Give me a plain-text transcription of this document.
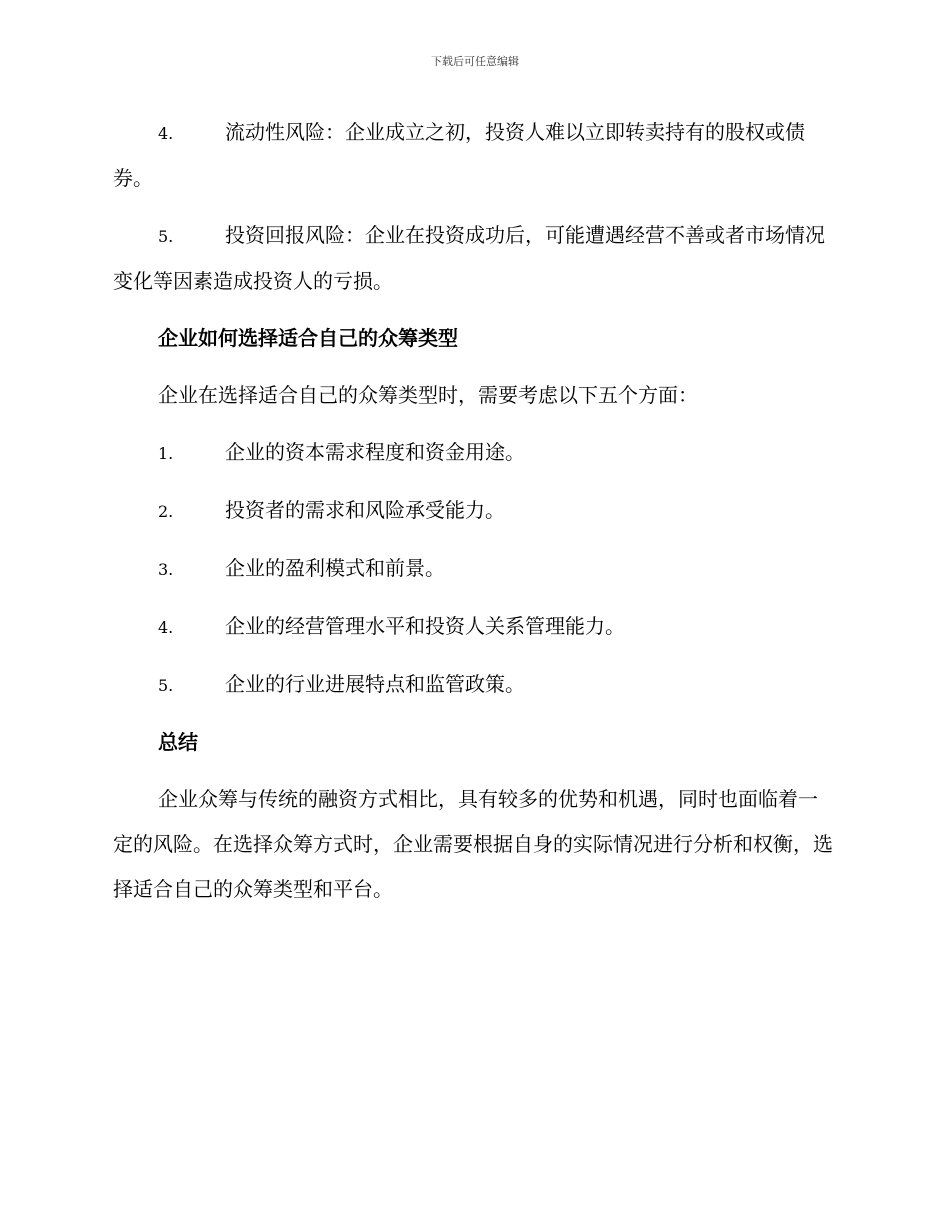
下载后可任意编辑
4.	流动性风险：企业成立之初，投资人难以立即转卖持有的股权或债券。
5.	投资回报风险：企业在投资成功后，可能遭遇经营不善或者市场情况变化等因素造成投资人的亏损。
企业如何选择适合自己的众筹类型
企业在选择适合自己的众筹类型时，需要考虑以下五个方面：
1.	企业的资本需求程度和资金用途。
2.	投资者的需求和风险承受能力。
3.	企业的盈利模式和前景。
4.	企业的经营管理水平和投资人关系管理能力。
5.	企业的行业进展特点和监管政策。
总结
企业众筹与传统的融资方式相比，具有较多的优势和机遇，同时也面临着一定的风险。在选择众筹方式时，企业需要根据自身的实际情况进行分析和权衡，选择适合自己的众筹类型和平台。
